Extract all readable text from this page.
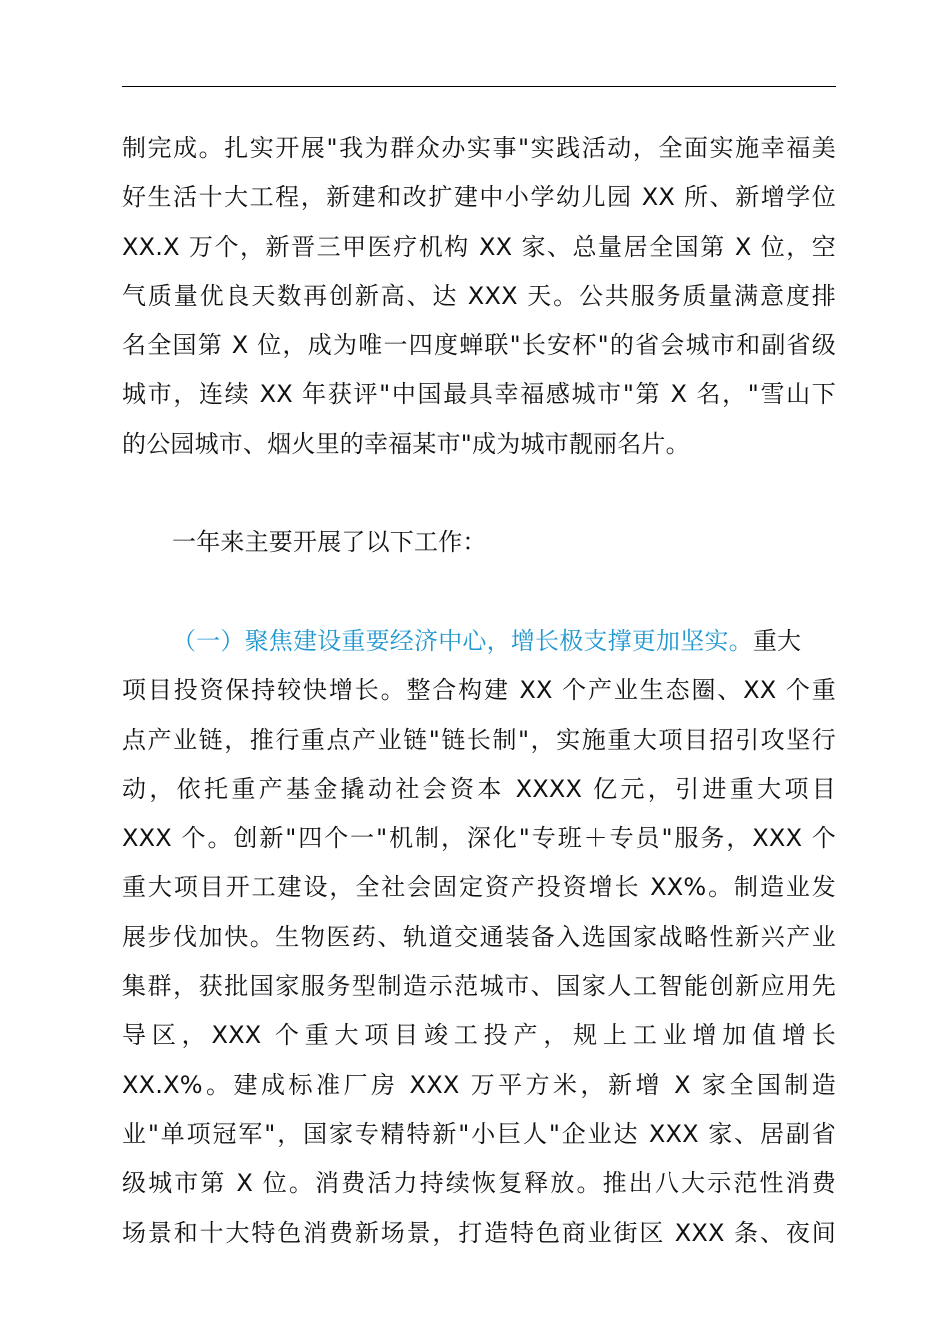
制完成。扎实开展"我为群众办实事"实践活动，全面实施幸福美
好生活十大工程，新建和改扩建中小学幼儿园 XX 所、新增学位
XX.X 万个，新晋三甲医疗机构 XX 家、总量居全国第 X 位，空
气质量优良天数再创新高、达 XXX 天。公共服务质量满意度排
名全国第 X 位，成为唯一四度蝉联"长安杯"的省会城市和副省级
城市，连续 XX 年获评"中国最具幸福感城市"第 X 名，"雪山下
的公园城市、烟火里的幸福某市"成为城市靓丽名片。
一年来主要开展了以下工作：
（一）聚焦建设重要经济中心，增长极支撑更加坚实。重大
项目投资保持较快增长。整合构建 XX 个产业生态圈、XX 个重
点产业链，推行重点产业链"链长制"，实施重大项目招引攻坚行
动，依托重产基金撬动社会资本 XXXX 亿元，引进重大项目
XXX 个。创新"四个一"机制，深化"专班＋专员"服务，XXX 个
重大项目开工建设，全社会固定资产投资增长 XX%。制造业发
展步伐加快。生物医药、轨道交通装备入选国家战略性新兴产业
集群，获批国家服务型制造示范城市、国家人工智能创新应用先
导区，XXX 个重大项目竣工投产，规上工业增加值增长
XX.X%。建成标准厂房 XXX 万平方米，新增 X 家全国制造
业"单项冠军"，国家专精特新"小巨人"企业达 XXX 家、居副省
级城市第 X 位。消费活力持续恢复释放。推出八大示范性消费
场景和十大特色消费新场景，打造特色商业街区 XXX 条、夜间
